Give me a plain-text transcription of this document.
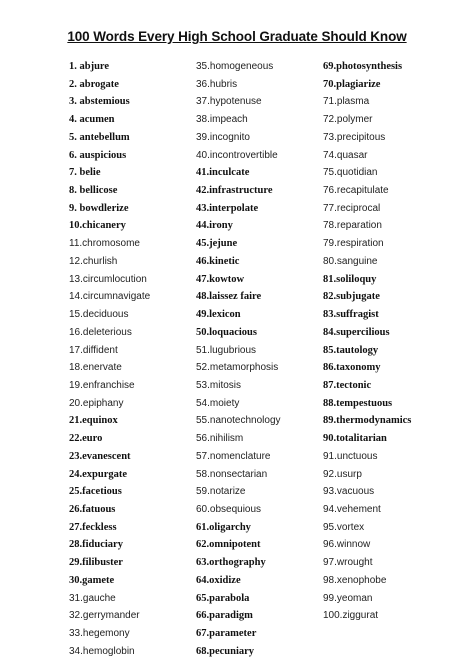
100 Words Every High School Graduate Should Know
1. abjure
2. abrogate
3. abstemious
4. acumen
5. antebellum
6. auspicious
7. belie
8. bellicose
9. bowdlerize
10.chicanery
11.chromosome
12.churlish
13.circumlocution
14.circumnavigate
15.deciduous
16.deleterious
17.diffident
18.enervate
19.enfranchise
20.epiphany
21.equinox
22.euro
23.evanescent
24.expurgate
25.facetious
26.fatuous
27.feckless
28.fiduciary
29.filibuster
30.gamete
31.gauche
32.gerrymander
33.hegemony
34.hemoglobin
35.homogeneous
36.hubris
37.hypotenuse
38.impeach
39.incognito
40.incontrovertible
41.inculcate
42.infrastructure
43.interpolate
44.irony
45.jejune
46.kinetic
47.kowtow
48.laissez faire
49.lexicon
50.loquacious
51.lugubrious
52.metamorphosis
53.mitosis
54.moiety
55.nanotechnology
56.nihilism
57.nomenclature
58.nonsectarian
59.notarize
60.obsequious
61.oligarchy
62.omnipotent
63.orthography
64.oxidize
65.parabola
66.paradigm
67.parameter
68.pecuniary
69.photosynthesis
70.plagiarize
71.plasma
72.polymer
73.precipitous
74.quasar
75.quotidian
76.recapitulate
77.reciprocal
78.reparation
79.respiration
80.sanguine
81.soliloquy
82.subjugate
83.suffragist
84.supercilious
85.tautology
86.taxonomy
87.tectonic
88.tempestuous
89.thermodynamics
90.totalitarian
91.unctuous
92.usurp
93.vacuous
94.vehement
95.vortex
96.winnow
97.wrought
98.xenophobe
99.yeoman
100.ziggurat
